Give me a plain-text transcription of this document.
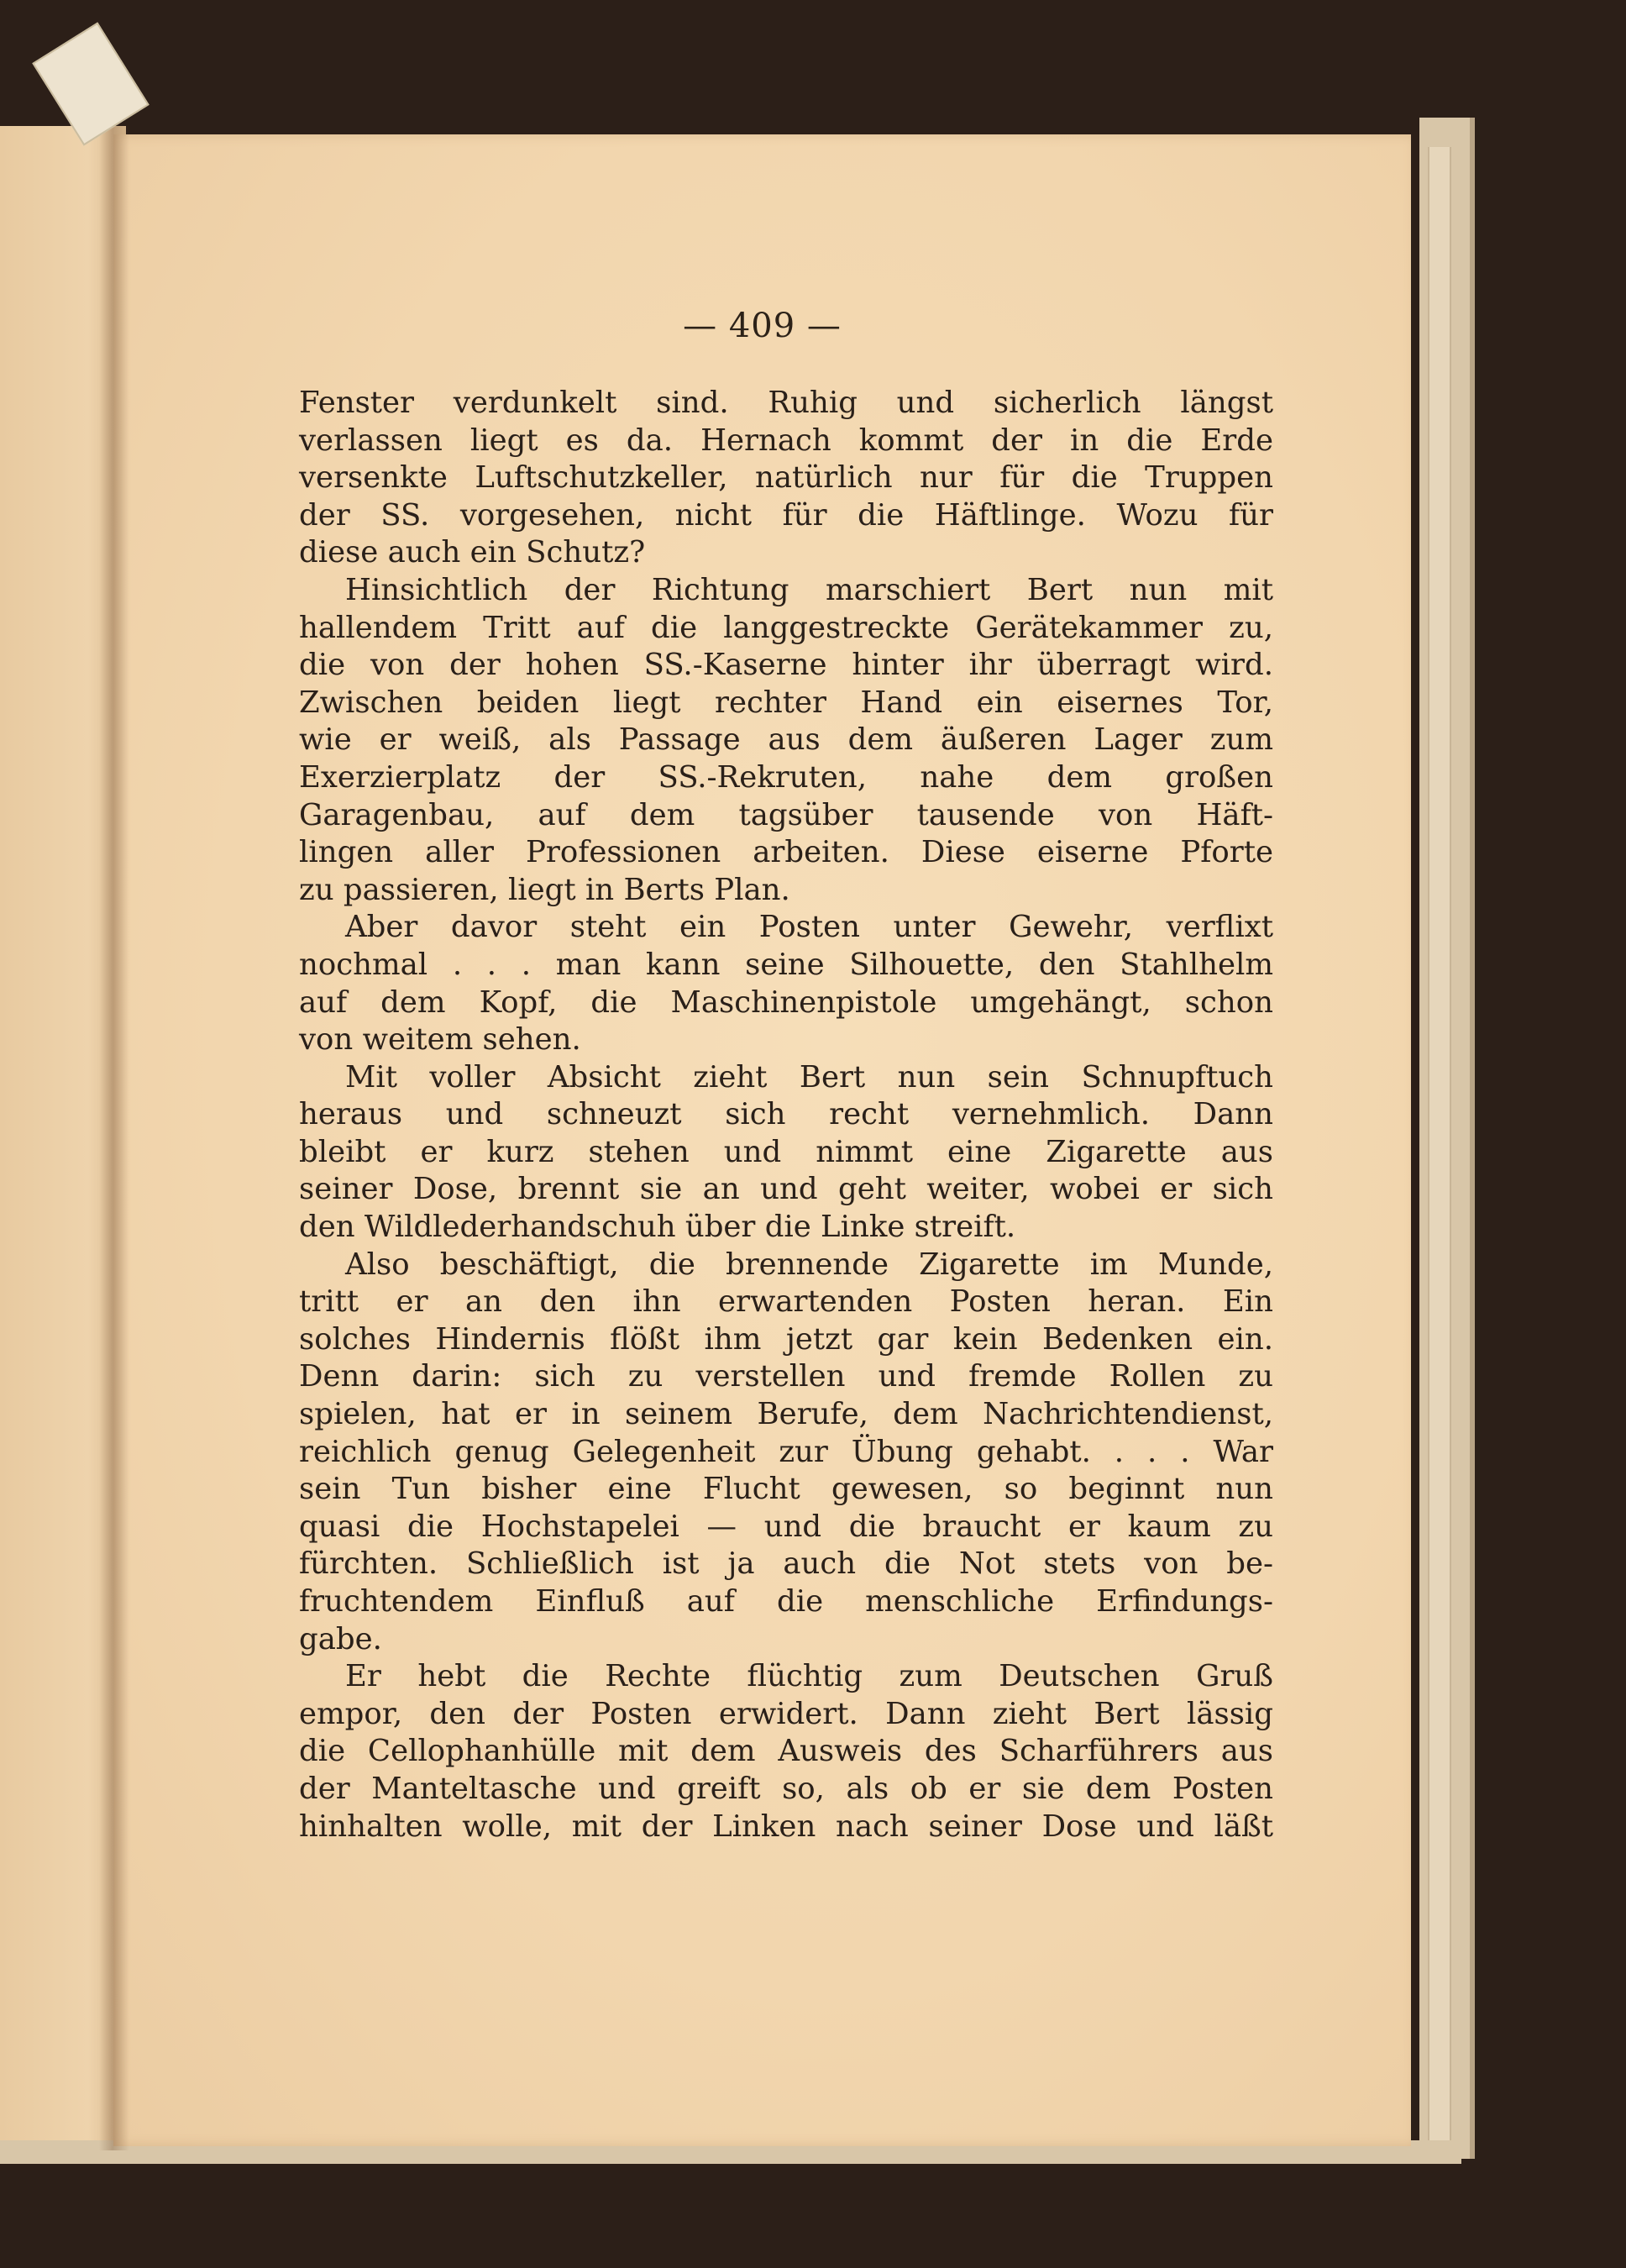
— 409 —
Fenster verdunkelt sind. Ruhig und sicherlich längst
verlassen liegt es da. Hernach kommt der in die Erde
versenkte Luftschutzkeller, natürlich nur für die Truppen
der SS. vorgesehen, nicht für die Häftlinge. Wozu für
diese auch ein Schutz?
Hinsichtlich der Richtung marschiert Bert nun mit
hallendem Tritt auf die langgestreckte Gerätekammer zu,
die von der hohen SS.-Kaserne hinter ihr überragt wird.
Zwischen beiden liegt rechter Hand ein eisernes Tor,
wie er weiß, als Passage aus dem äußeren Lager zum
Exerzierplatz der SS.-Rekruten, nahe dem großen
Garagenbau, auf dem tagsüber tausende von Häft-
lingen aller Professionen arbeiten. Diese eiserne Pforte
zu passieren, liegt in Berts Plan.
Aber davor steht ein Posten unter Gewehr, verflixt
nochmal . . . man kann seine Silhouette, den Stahlhelm
auf dem Kopf, die Maschinenpistole umgehängt, schon
von weitem sehen.
Mit voller Absicht zieht Bert nun sein Schnupftuch
heraus und schneuzt sich recht vernehmlich. Dann
bleibt er kurz stehen und nimmt eine Zigarette aus
seiner Dose, brennt sie an und geht weiter, wobei er sich
den Wildlederhandschuh über die Linke streift.
Also beschäftigt, die brennende Zigarette im Munde,
tritt er an den ihn erwartenden Posten heran. Ein
solches Hindernis flößt ihm jetzt gar kein Bedenken ein.
Denn darin: sich zu verstellen und fremde Rollen zu
spielen, hat er in seinem Berufe, dem Nachrichtendienst,
reichlich genug Gelegenheit zur Übung gehabt. . . . War
sein Tun bisher eine Flucht gewesen, so beginnt nun
quasi die Hochstapelei — und die braucht er kaum zu
fürchten. Schließlich ist ja auch die Not stets von be-
fruchtendem Einfluß auf die menschliche Erfindungs-
gabe.
Er hebt die Rechte flüchtig zum Deutschen Gruß
empor, den der Posten erwidert. Dann zieht Bert lässig
die Cellophanhülle mit dem Ausweis des Scharführers aus
der Manteltasche und greift so, als ob er sie dem Posten
hinhalten wolle, mit der Linken nach seiner Dose und läßt
